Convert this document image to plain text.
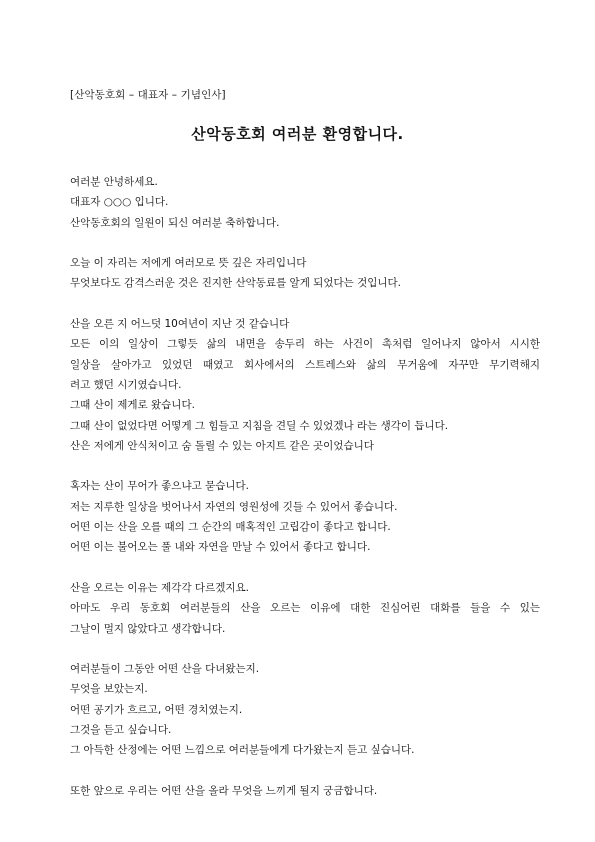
[산악동호회 – 대표자 – 기념인사]
산악동호회 여러분 환영합니다.
여러분 안녕하세요.
대표자 ○○○ 입니다.
산악동호회의 일원이 되신 여러분 축하합니다.
오늘 이 자리는 저에게 여러모로 뜻 깊은 자리입니다
무엇보다도 감격스러운 것은 진지한 산악동료를 알게 되었다는 것입니다.
산을 오른 지 어느덧 10여년이 지난 것 같습니다
모든 이의 일상이 그렇듯 삶의 내면을 송두리 하는 사건이 촉처럼 일어나지 않아서 시시한
일상을 살아가고 있었던 때였고 회사에서의 스트레스와 삶의 무거움에 자꾸만 무기력해지
려고 했던 시기였습니다.
그때 산이 제게로 왔습니다.
그때 산이 없었다면 어떻게 그 힘들고 지침을 견딜 수 있었겠나 라는 생각이 듭니다.
산은 저에게 안식처이고 숨 돌릴 수 있는 아지트 같은 곳이었습니다
혹자는 산이 무어가 좋으냐고 묻습니다.
저는 지루한 일상을 벗어나서 자연의 영원성에 깃들 수 있어서 좋습니다.
어떤 이는 산을 오를 때의 그 순간의 매혹적인 고립감이 좋다고 합니다.
어떤 이는 불어오는 풀 내와 자연을 만날 수 있어서 좋다고 합니다.
산을 오르는 이유는 제각각 다르겠지요.
아마도 우리 동호회 여러분들의 산을 오르는 이유에 대한 진심어린 대화를 들을 수 있는
그날이 멀지 않았다고 생각합니다.
여러분들이 그동안 어떤 산을 다녀왔는지.
무엇을 보았는지.
어떤 공기가 흐르고, 어떤 경치였는지.
그것을 듣고 싶습니다.
그 아득한 산정에는 어떤 느낌으로 여러분들에게 다가왔는지 듣고 싶습니다.
또한 앞으로 우리는 어떤 산을 올라 무엇을 느끼게 될지 궁금합니다.
